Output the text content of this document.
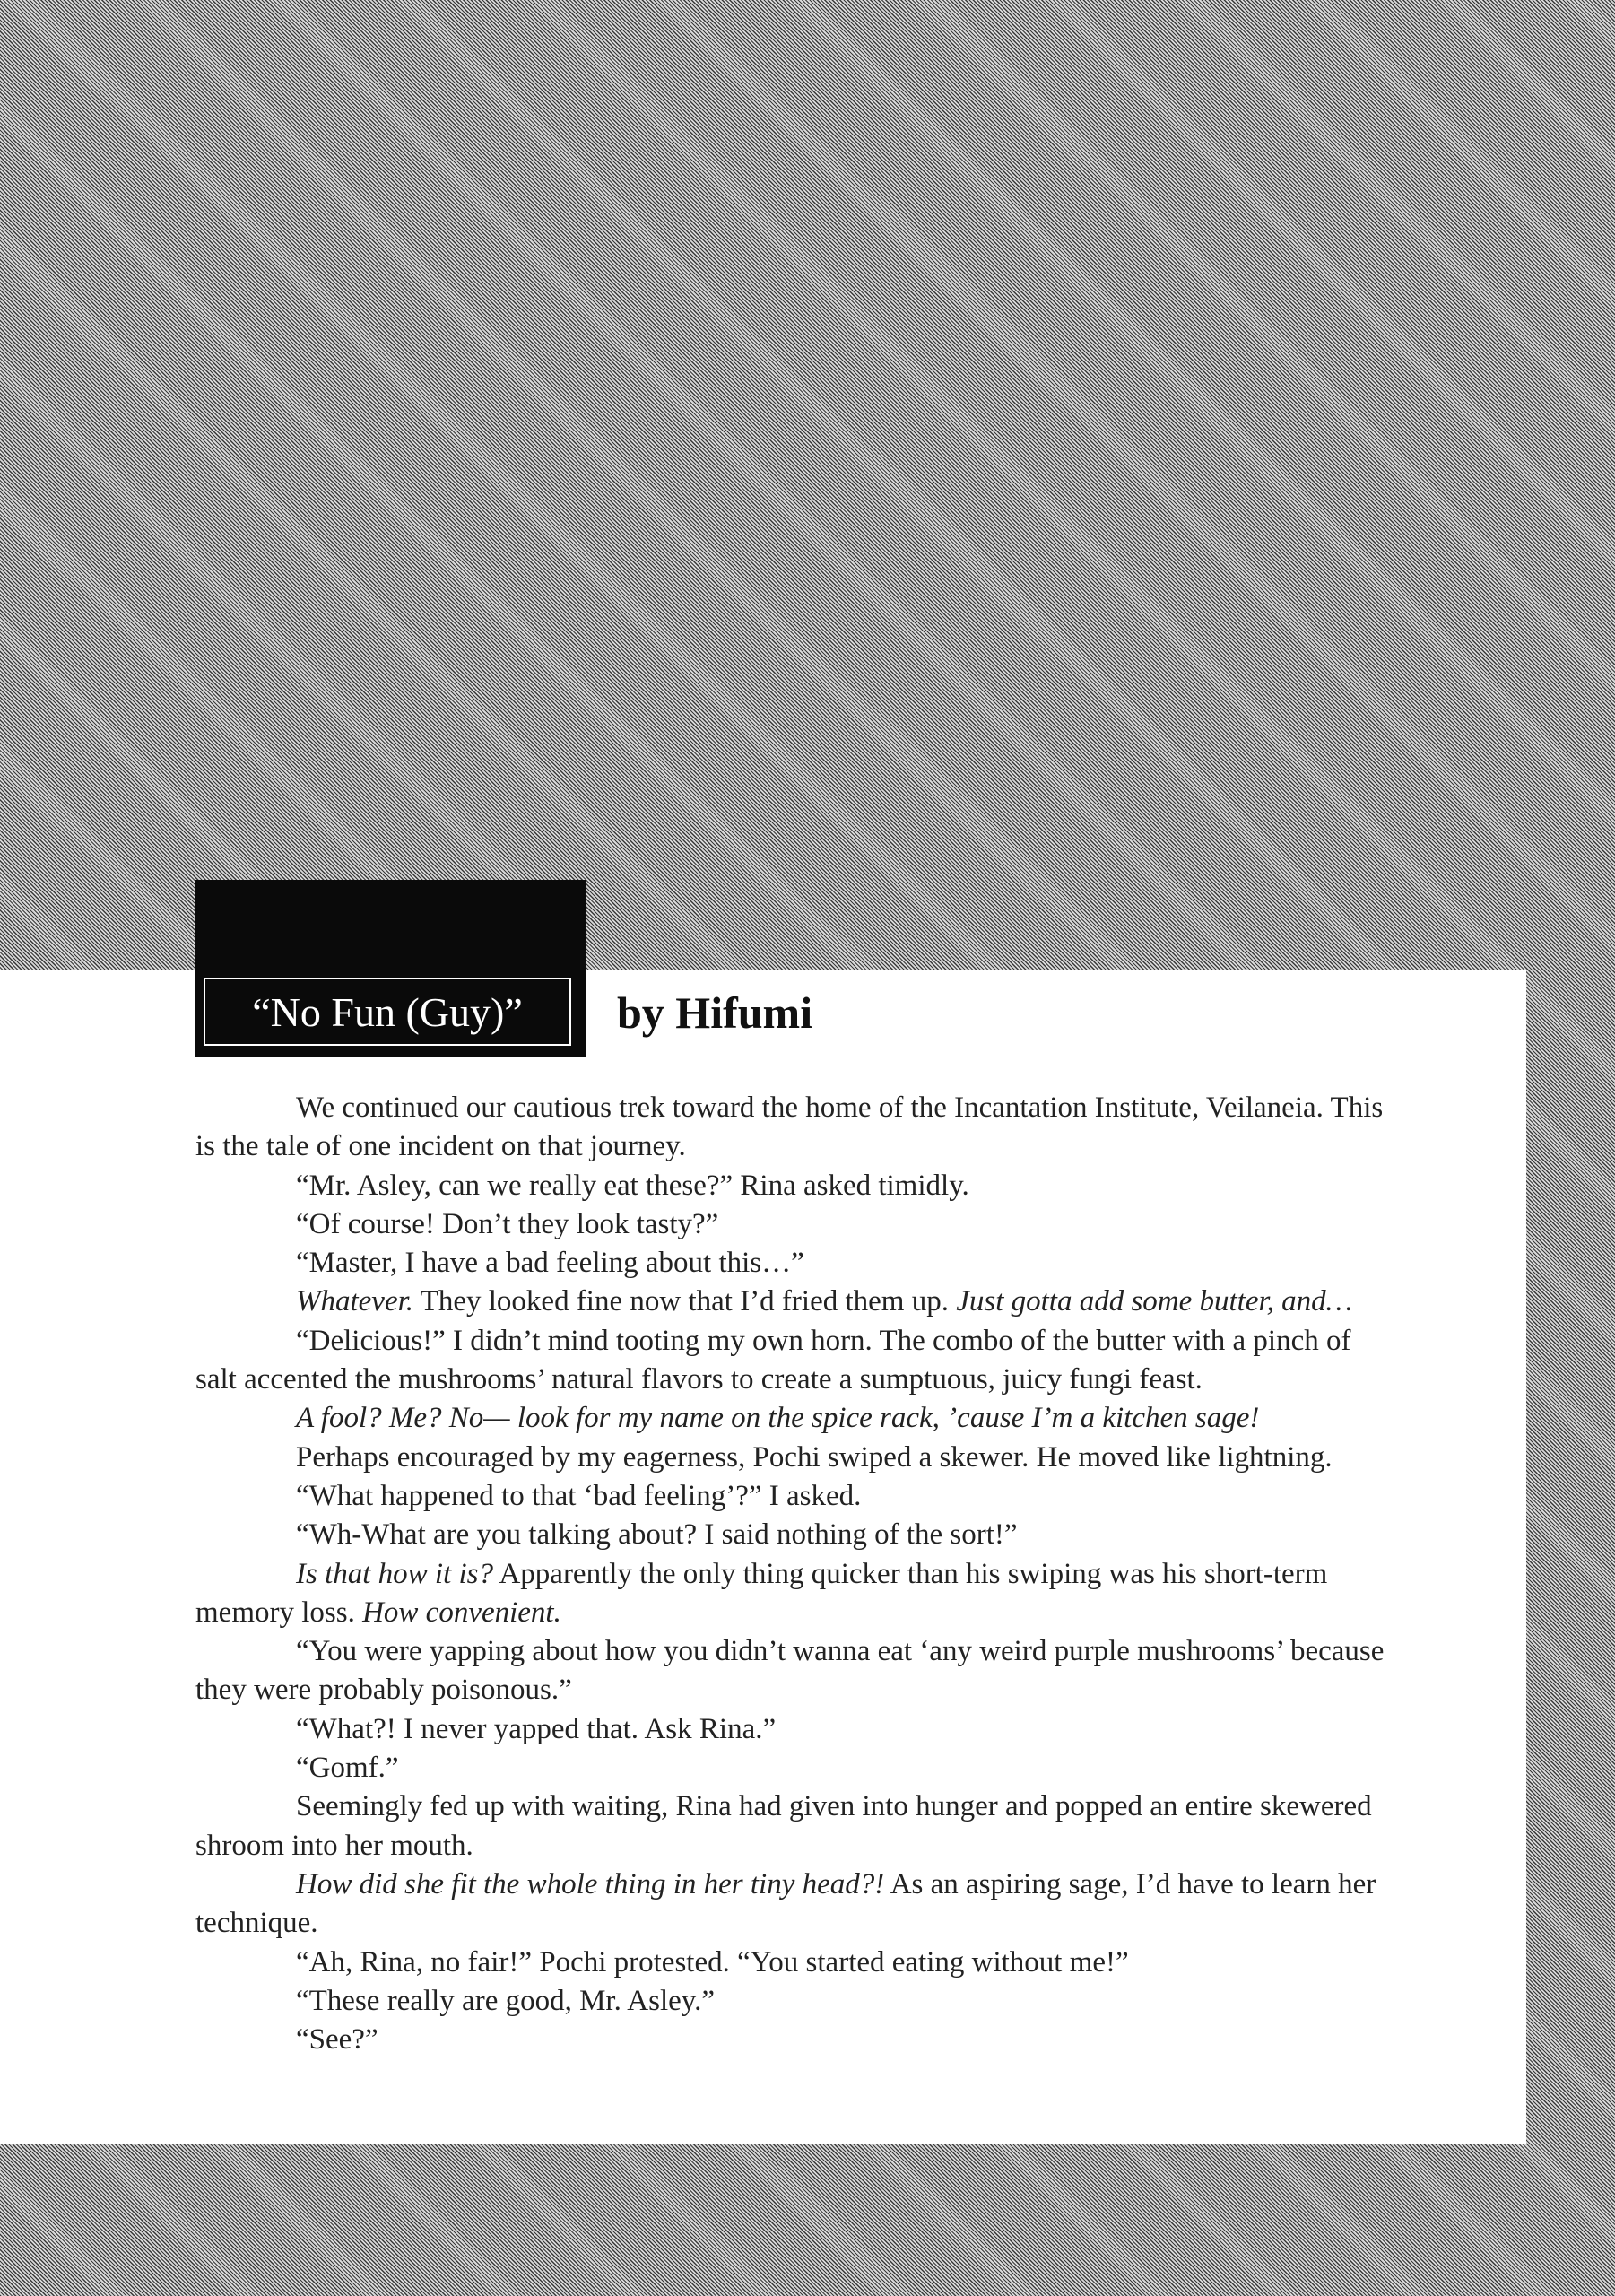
“No Fun (Guy)” by Hifumi

We continued our cautious trek toward the home of the Incantation Institute, Veilaneia. This is the tale of one incident on that journey.

“Mr. Asley, can we really eat these?” Rina asked timidly.

“Of course! Don’t they look tasty?”

“Master, I have a bad feeling about this…”

Whatever. They looked fine now that I’d fried them up. Just gotta add some butter, and…

“Delicious!” I didn’t mind tooting my own horn. The combo of the butter with a pinch of salt accented the mushrooms’ natural flavors to create a sumptuous, juicy fungi feast.

A fool? Me? No— look for my name on the spice rack, ’cause I’m a kitchen sage!

Perhaps encouraged by my eagerness, Pochi swiped a skewer. He moved like lightning.

“What happened to that ‘bad feeling’?” I asked.

“Wh-What are you talking about? I said nothing of the sort!”

Is that how it is? Apparently the only thing quicker than his swiping was his short-term memory loss. How convenient.

“You were yapping about how you didn’t wanna eat ‘any weird purple mushrooms’ because they were probably poisonous.”

“What?! I never yapped that. Ask Rina.”

“Gomf.”

Seemingly fed up with waiting, Rina had given into hunger and popped an entire skewered shroom into her mouth.

How did she fit the whole thing in her tiny head?! As an aspiring sage, I’d have to learn her technique.

“Ah, Rina, no fair!” Pochi protested. “You started eating without me!”

“These really are good, Mr. Asley.”

“See?”
